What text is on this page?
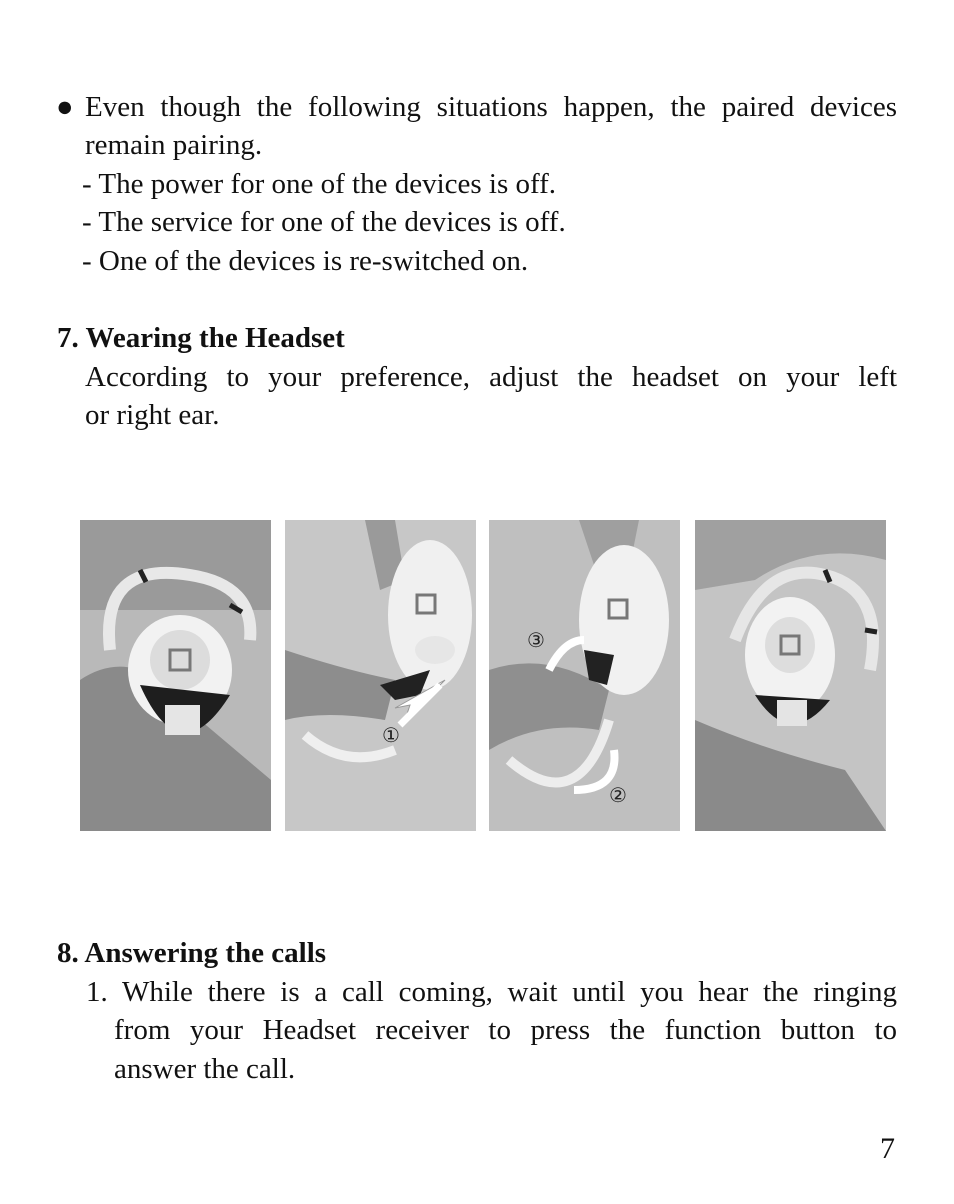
● Even though the following situations happen, the paired devices
remain pairing.
- The power for one of the devices is off.
- The service for one of the devices is off.
- One of the devices is re-switched on.
7. Wearing the Headset
According to your preference, adjust the headset on your left
or right ear.
①
③
②
8. Answering the calls
1. While there is a call coming, wait until you hear the ringing
from your Headset receiver to press the function button to
answer the call.
7
